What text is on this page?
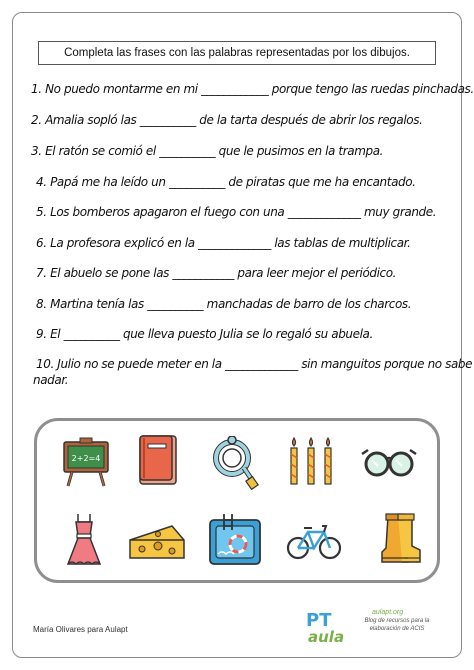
Completa las frases con las palabras representadas por los dibujos.
1. No puedo montarme en mi ____________ porque tengo las ruedas pinchadas.
2. Amalia sopló las __________ de la tarta después de abrir los regalos.
3. El ratón se comió el __________ que le pusimos en la trampa.
4. Papá me ha leído un __________ de piratas que me ha encantado.
5. Los bomberos apagaron el fuego con una _____________ muy grande.
6. La profesora explicó en la _____________ las tablas de multiplicar.
7. El abuelo se pone las ___________ para leer mejor el periódico.
8. Martina tenía las __________ manchadas de barro de los charcos.
9. El __________ que lleva puesto Julia se lo regaló su abuela.
10. Julio no se puede meter en la _____________ sin manguitos porque no sabe
nadar.
2+2=4
María Olivares para Aulapt	PT
aula
aulapt.org
Blog de recursos para la elaboración de ACIS
